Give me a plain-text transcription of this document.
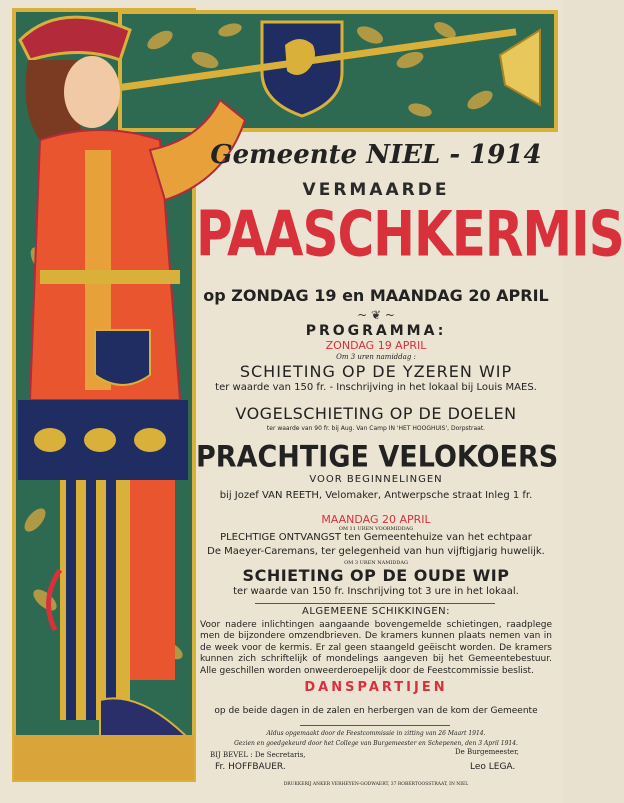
Gemeente NIEL - 1914
VERMAARDE
PAASCHKERMIS
op ZONDAG 19 en MAANDAG 20 APRIL
~ ❦ ~
PROGRAMMA:
ZONDAG 19 APRIL
Om 3 uren namiddag :
SCHIETING OP DE YZEREN WIP
ter waarde van 150 fr. - Inschrijving in het lokaal bij Louis MAES.
VOGELSCHIETING OP DE DOELEN
ter waarde van 90 fr. bij Aug. Van Camp IN 'HET HOOGHUIS', Dorpstraat.
PRACHTIGE VELOKOERS
VOOR BEGINNELINGEN
bij Jozef VAN REETH, Velomaker, Antwerpsche straat Inleg 1 fr.
MAANDAG 20 APRIL
OM 11 UREN VOORMIDDAG
PLECHTIGE ONTVANGST ten Gemeentehuize van het echtpaar
De Maeyer-Caremans, ter gelegenheid van hun vijftigjarig huwelijk.
OM 3 UREN NAMIDDAG
SCHIETING OP DE OUDE WIP
ter waarde van 150 fr. Inschrijving tot 3 ure in het lokaal.
ALGEMEENE SCHIKKINGEN:
Voor nadere inlichtingen aangaande bovengemelde schietingen, raadplege men de bijzondere omzendbrieven. De kramers kunnen plaats nemen van in de week voor de kermis. Er zal geen staangeld geëischt worden. De kramers kunnen zich schriftelijk of mondelings aangeven bij het Gemeentebestuur. Alle geschillen worden onweerderoepelijk door de Feestcommissie beslist.
DANSPARTIJEN
op de beide dagen in de zalen en herbergen van de kom der Gemeente
Aldus opgemaakt door de Feestcommissie in zitting van 26 Maart 1914.
Gezien en goedgekeurd door het College van Burgemeester en Schepenen, den 3 April 1914.
BIJ BEVEL : De Secretaris,	De Burgemeester,
Fr. HOFFBAUER.	Leo LEGA.
DRUKKERIJ ANKER VERHEYEN-GODWAERT, 37 ROBERTOOSSTRAAT, IN NIEL
